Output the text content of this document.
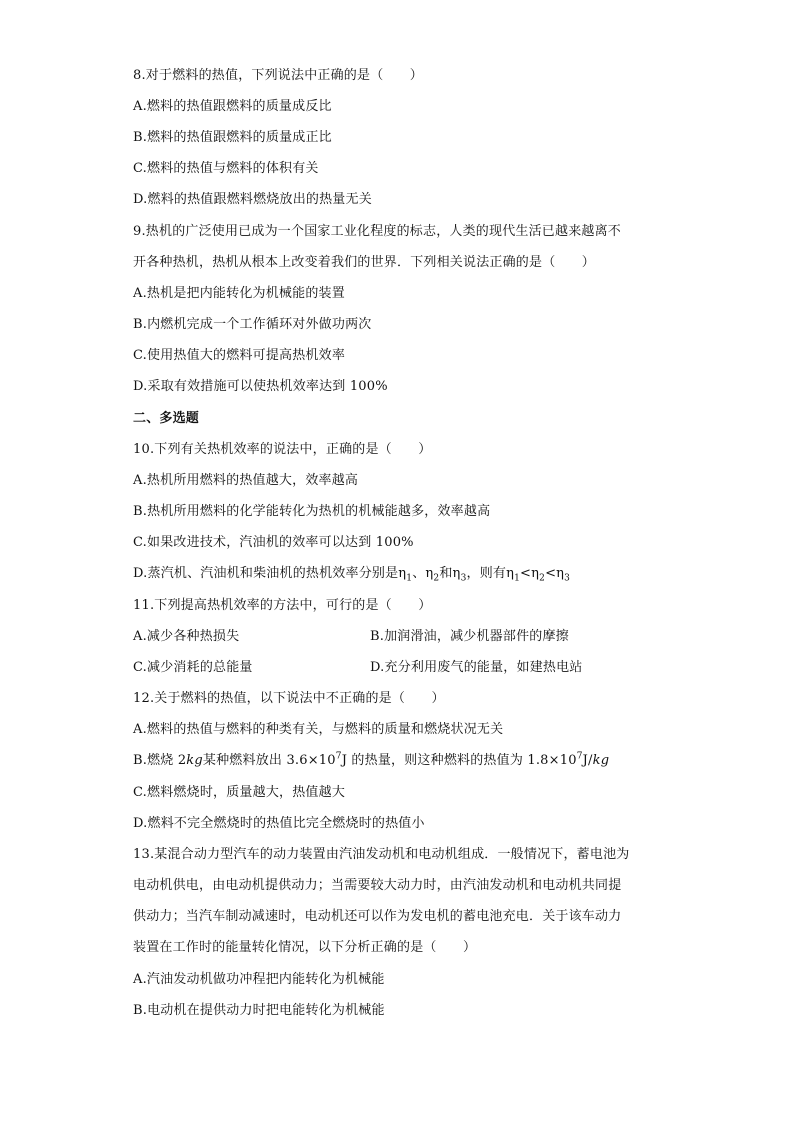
8.对于燃料的热值，下列说法中正确的是（　　）
A.燃料的热值跟燃料的质量成反比
B.燃料的热值跟燃料的质量成正比
C.燃料的热值与燃料的体积有关
D.燃料的热值跟燃料燃烧放出的热量无关
9.热机的广泛使用已成为一个国家工业化程度的标志，人类的现代生活已越来越离不
开各种热机，热机从根本上改变着我们的世界．下列相关说法正确的是（　　）
A.热机是把内能转化为机械能的装置
B.内燃机完成一个工作循环对外做功两次
C.使用热值大的燃料可提高热机效率
D.采取有效措施可以使热机效率达到 100%
二、多选题
10.下列有关热机效率的说法中，正确的是（　　）
A.热机所用燃料的热值越大，效率越高
B.热机所用燃料的化学能转化为热机的机械能越多，效率越高
C.如果改进技术，汽油机的效率可以达到 100%
D.蒸汽机、汽油机和柴油机的热机效率分别是$\eta_1$、$\eta_2$和$\eta_3$，则有$\eta_1<\eta_2<\eta_3$
11.下列提高热机效率的方法中，可行的是（　　）
A.减少各种热损失	B.加润滑油，减少机器部件的摩擦
C.减少消耗的总能量	D.充分利用废气的能量，如建热电站
12.关于燃料的热值，以下说法中不正确的是（　　）
A.燃料的热值与燃料的种类有关，与燃料的质量和燃烧状况无关
B.燃烧 2kg某种燃料放出 $3.6\times 10^7J$ 的热量，则这种燃料的热值为 $1.8\times 10^7J/kg$
C.燃料燃烧时，质量越大，热值越大
D.燃料不完全燃烧时的热值比完全燃烧时的热值小
13.某混合动力型汽车的动力装置由汽油发动机和电动机组成．一般情况下，蓄电池为
电动机供电，由电动机提供动力；当需要较大动力时，由汽油发动机和电动机共同提
供动力；当汽车制动减速时，电动机还可以作为发电机的蓄电池充电．关于该车动力
装置在工作时的能量转化情况，以下分析正确的是（　　）
A.汽油发动机做功冲程把内能转化为机械能
B.电动机在提供动力时把电能转化为机械能
